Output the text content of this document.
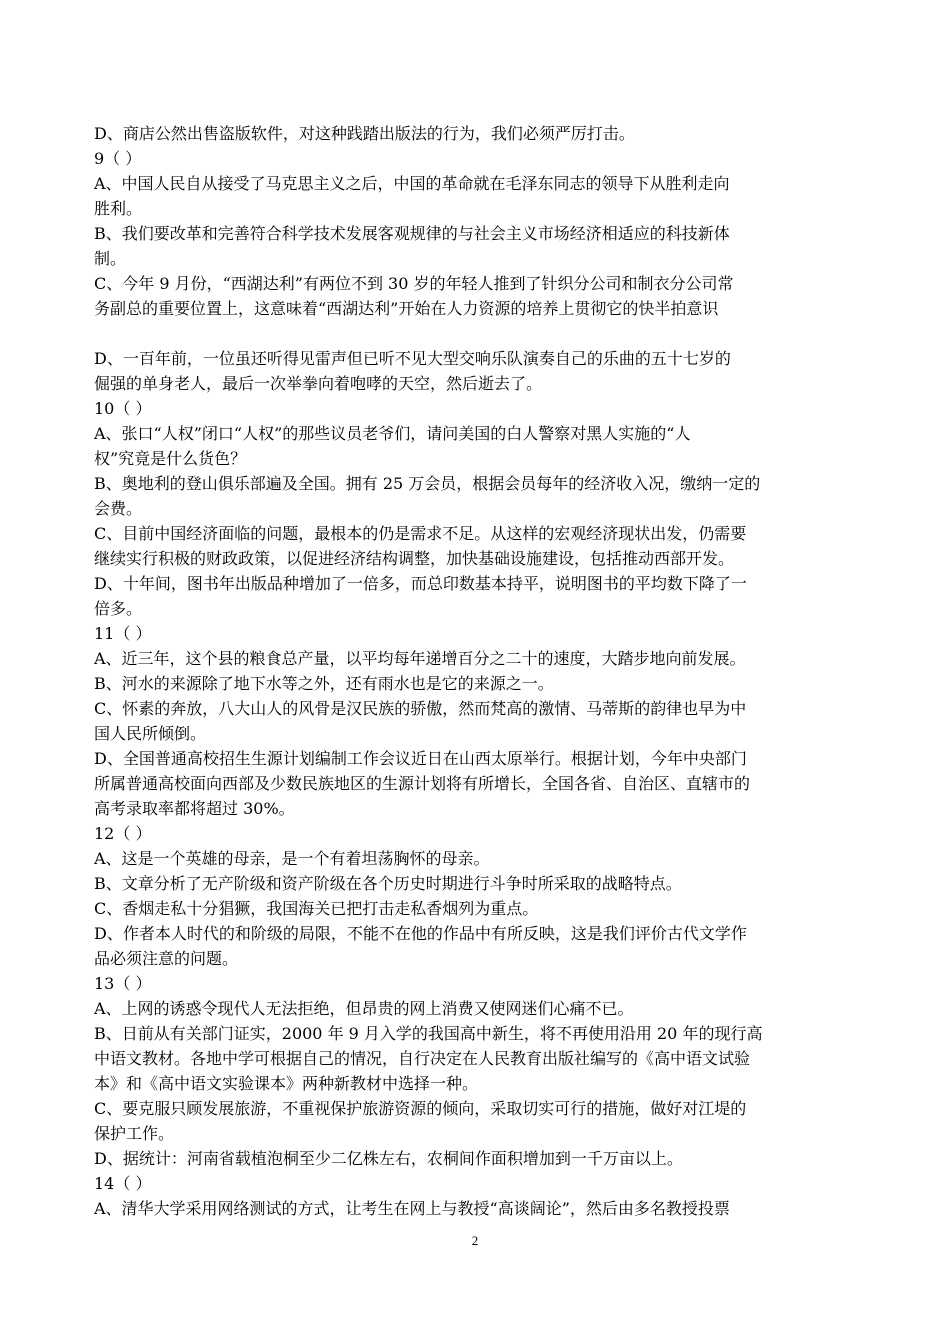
D、商店公然出售盗版软件，对这种践踏出版法的行为，我们必须严厉打击。
9（ ）
A、中国人民自从接受了马克思主义之后，中国的革命就在毛泽东同志的领导下从胜利走向
胜利。
B、我们要改革和完善符合科学技术发展客观规律的与社会主义市场经济相适应的科技新体
制。
C、今年 9 月份，“西湖达利”有两位不到 30 岁的年轻人推到了针织分公司和制衣分公司常
务副总的重要位置上，这意味着“西湖达利”开始在人力资源的培养上贯彻它的快半拍意识
D、一百年前，一位虽还听得见雷声但已听不见大型交响乐队演奏自己的乐曲的五十七岁的
倔强的单身老人，最后一次举拳向着咆哮的天空，然后逝去了。
10（ ）
A、张口“人权”闭口“人权”的那些议员老爷们，请问美国的白人警察对黑人实施的“人
权”究竟是什么货色？
B、奥地利的登山俱乐部遍及全国。拥有 25 万会员，根据会员每年的经济收入况，缴纳一定的
会费。
C、目前中国经济面临的问题，最根本的仍是需求不足。从这样的宏观经济现状出发，仍需要
继续实行积极的财政政策，以促进经济结构调整，加快基础设施建设，包括推动西部开发。
D、十年间，图书年出版品种增加了一倍多，而总印数基本持平，说明图书的平均数下降了一
倍多。
11（ ）
A、近三年，这个县的粮食总产量，以平均每年递增百分之二十的速度，大踏步地向前发展。
B、河水的来源除了地下水等之外，还有雨水也是它的来源之一。
C、怀素的奔放，八大山人的风骨是汉民族的骄傲，然而梵高的激情、马蒂斯的韵律也早为中
国人民所倾倒。
D、全国普通高校招生生源计划编制工作会议近日在山西太原举行。根据计划，今年中央部门
所属普通高校面向西部及少数民族地区的生源计划将有所增长，全国各省、自治区、直辖市的
高考录取率都将超过 30%。
12（ ）
A、这是一个英雄的母亲，是一个有着坦荡胸怀的母亲。
B、文章分析了无产阶级和资产阶级在各个历史时期进行斗争时所采取的战略特点。
C、香烟走私十分猖獗，我国海关已把打击走私香烟列为重点。
D、作者本人时代的和阶级的局限，不能不在他的作品中有所反映，这是我们评价古代文学作
品必须注意的问题。
13（ ）
A、上网的诱惑令现代人无法拒绝，但昂贵的网上消费又使网迷们心痛不已。
B、日前从有关部门证实，2000 年 9 月入学的我国高中新生，将不再使用沿用 20 年的现行高
中语文教材。各地中学可根据自己的情况，自行决定在人民教育出版社编写的《高中语文试验
本》和《高中语文实验课本》两种新教材中选择一种。
C、要克服只顾发展旅游，不重视保护旅游资源的倾向，采取切实可行的措施，做好对江堤的
保护工作。
D、据统计：河南省载植泡桐至少二亿株左右，农桐间作面积增加到一千万亩以上。
14（ ）
A、清华大学采用网络测试的方式，让考生在网上与教授“高谈阔论”，然后由多名教授投票
2
